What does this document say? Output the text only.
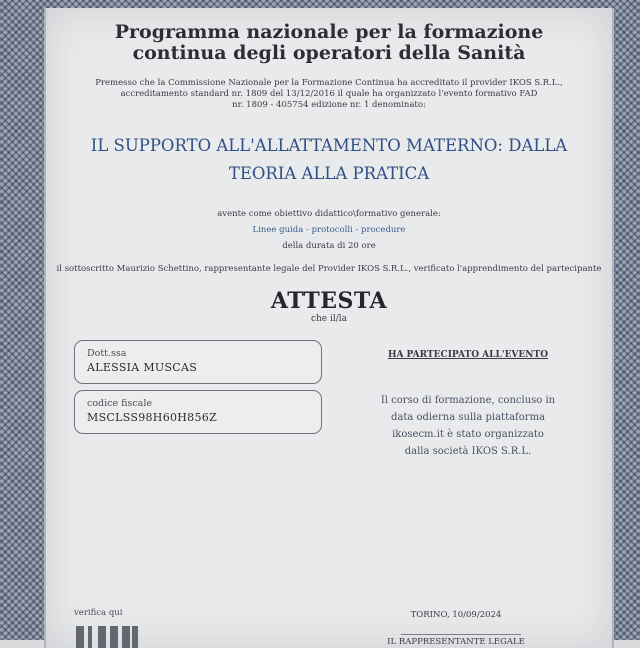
Programma nazionale per la formazione
continua degli operatori della Sanità
Premesso che la Commissione Nazionale per la Formazione Continua ha accreditato il provider IKOS S.R.L.,
accreditamento standard nr. 1809 del 13/12/2016 il quale ha organizzato l'evento formativo FAD
nr. 1809 - 405754 edizione nr. 1 denominato:
IL SUPPORTO ALL'ALLATTAMENTO MATERNO: DALLA
TEORIA ALLA PRATICA
avente come obiettivo didattico\formativo generale:
Linee guida - protocolli - procedure
della durata di 20 ore
il sottoscritto Maurizio Schettino, rappresentante legale del Provider IKOS S.R.L., verificato l'apprendimento del partecipante
ATTESTA
che il/la
Dott.ssa
ALESSIA MUSCAS
codice fiscale
MSCLSS98H60H856Z
HA PARTECIPATO ALL'EVENTO
Il corso di formazione, concluso in
data odierna sulla piattaforma
ikosecm.it è stato organizzato
dalla società IKOS S.R.L.
verifica qui	TORINO, 10/09/2024
IL RAPPRESENTANTE LEGALE
